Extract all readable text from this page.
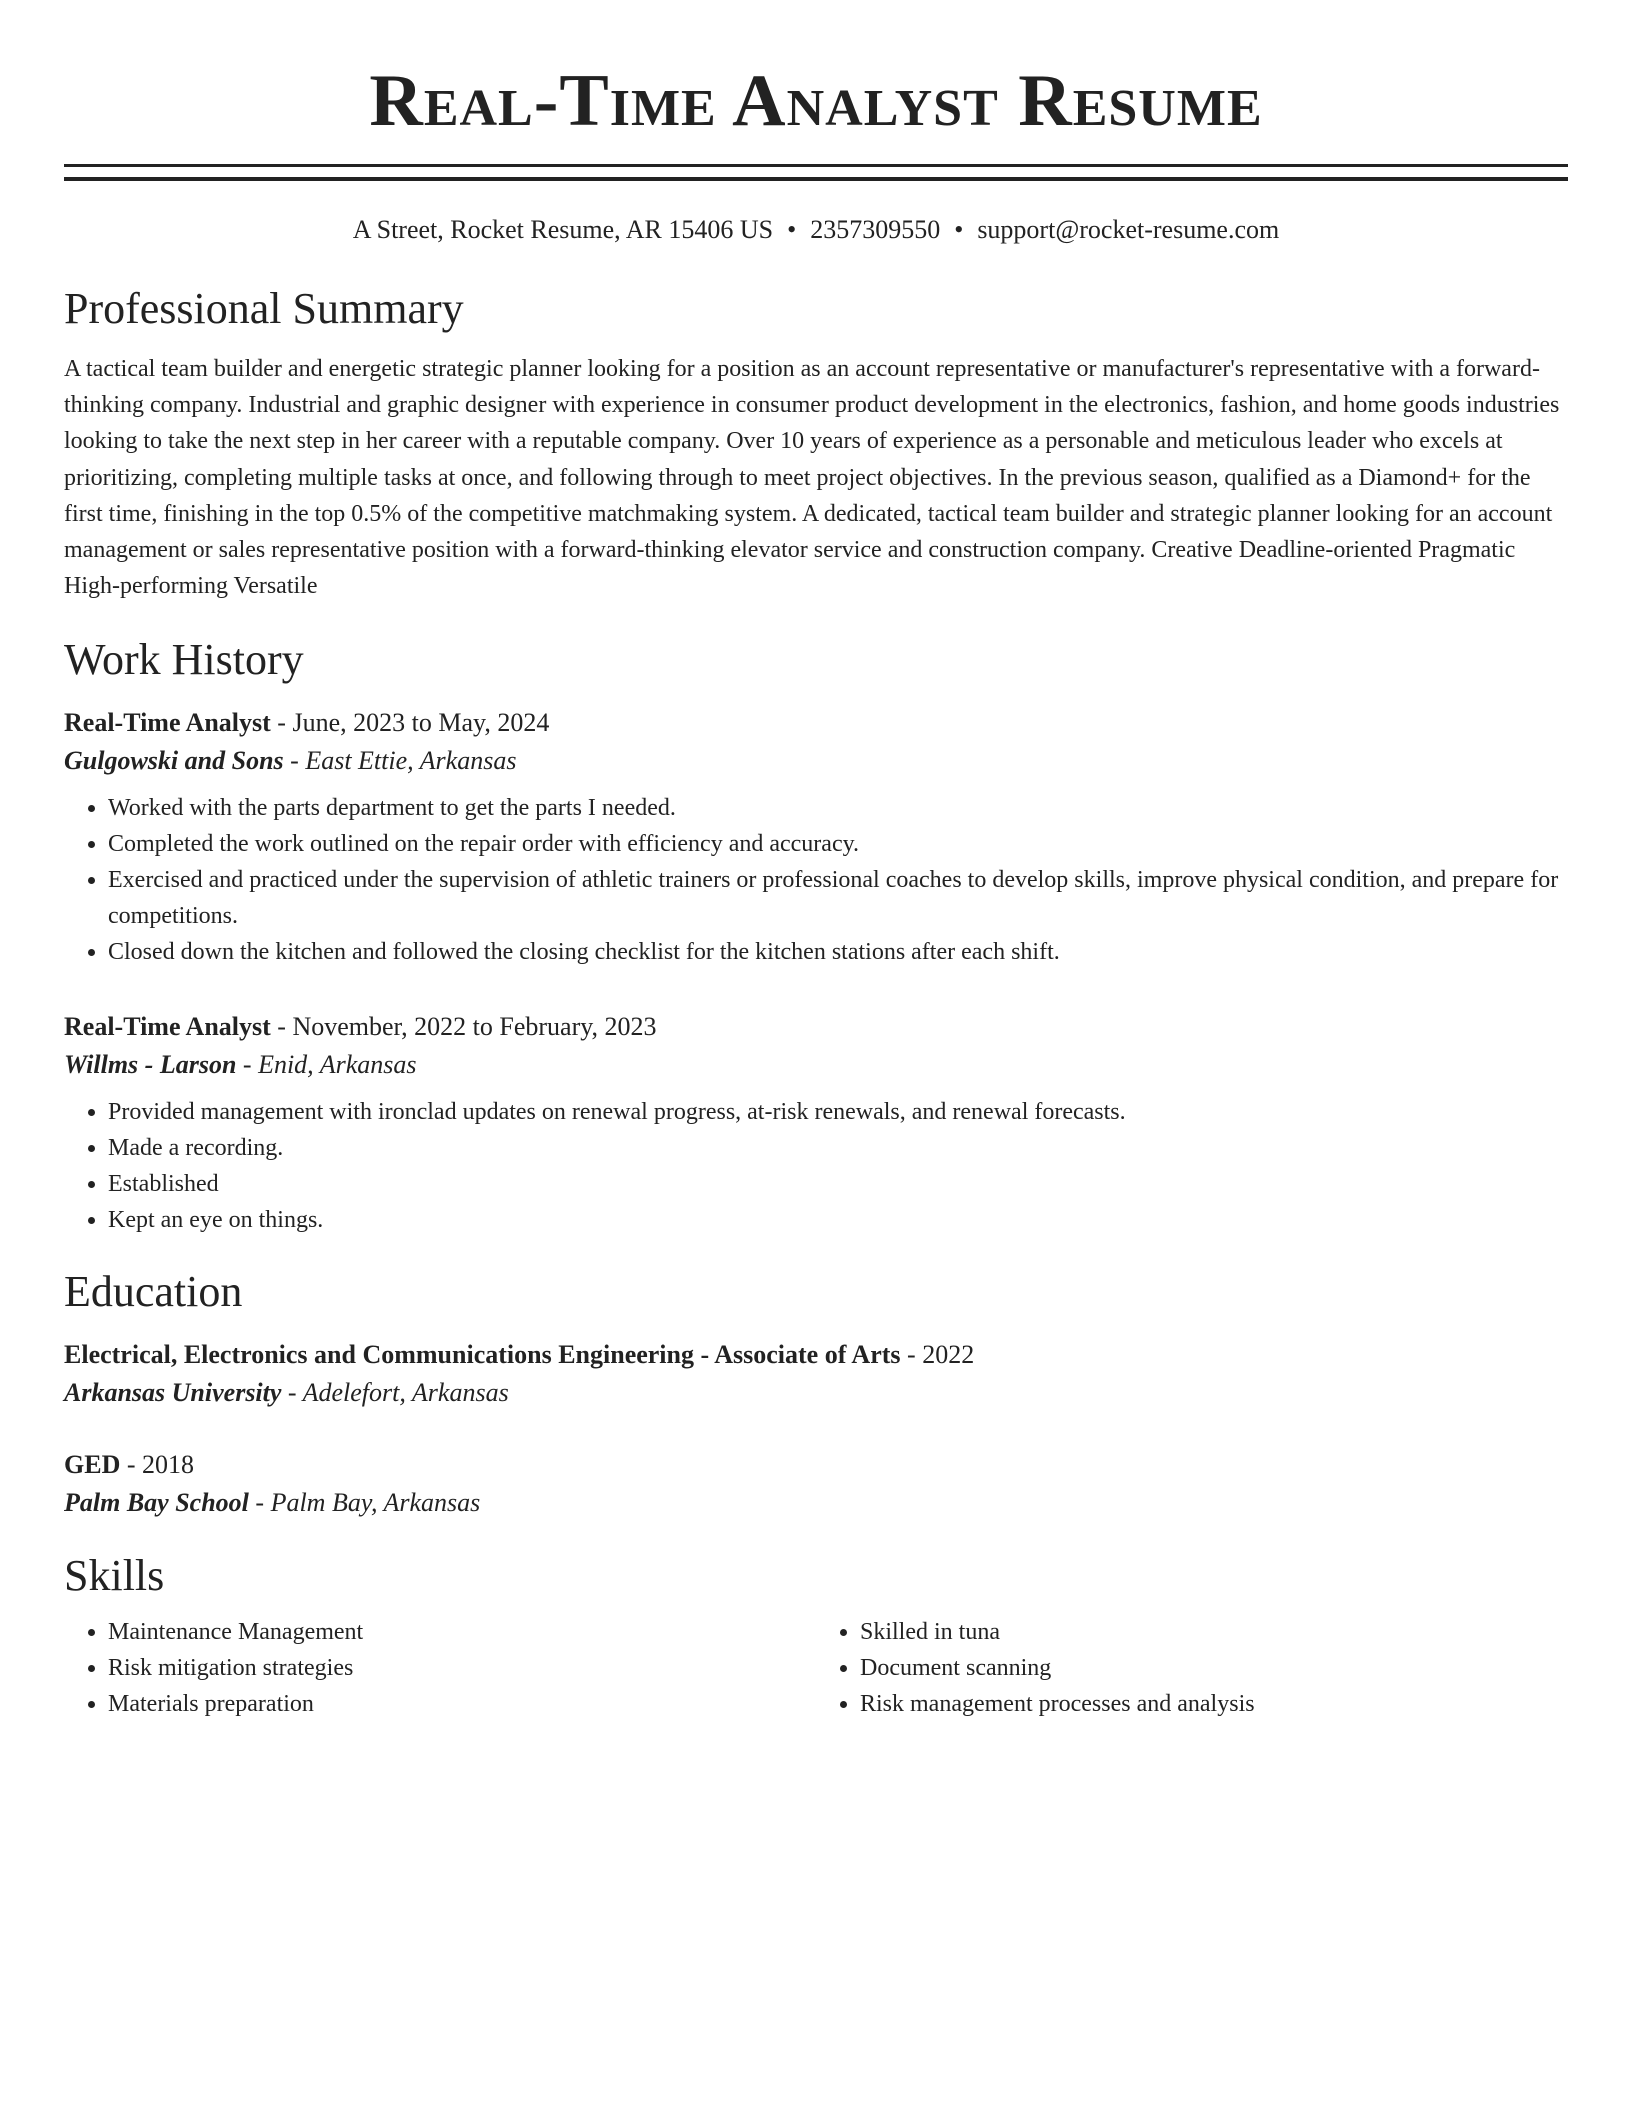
Real-Time Analyst Resume
A Street, Rocket Resume, AR 15406 US • 2357309550 • support@rocket-resume.com
Professional Summary

A tactical team builder and energetic strategic planner looking for a position as an account representative or manufacturer's representative with a forward-thinking company. Industrial and graphic designer with experience in consumer product development in the electronics, fashion, and home goods industries looking to take the next step in her career with a reputable company. Over 10 years of experience as a personable and meticulous leader who excels at prioritizing, completing multiple tasks at once, and following through to meet project objectives. In the previous season, qualified as a Diamond+ for the first time, finishing in the top 0.5% of the competitive matchmaking system. A dedicated, tactical team builder and strategic planner looking for an account management or sales representative position with a forward-thinking elevator service and construction company. Creative Deadline-oriented Pragmatic High-performing Versatile

Work History
Real-Time Analyst - June, 2023 to May, 2024
Gulgowski and Sons - East Ettie, Arkansas
• Worked with the parts department to get the parts I needed.
• Completed the work outlined on the repair order with efficiency and accuracy.
• Exercised and practiced under the supervision of athletic trainers or professional coaches to develop skills, improve physical condition, and prepare for competitions.
• Closed down the kitchen and followed the closing checklist for the kitchen stations after each shift.
Real-Time Analyst - November, 2022 to February, 2023
Willms - Larson - Enid, Arkansas
• Provided management with ironclad updates on renewal progress, at-risk renewals, and renewal forecasts.
• Made a recording.
• Established
• Kept an eye on things.
Education
Electrical, Electronics and Communications Engineering - Associate of Arts - 2022
Arkansas University - Adelefort, Arkansas
GED - 2018
Palm Bay School - Palm Bay, Arkansas
Skills
• Maintenance Management
• Risk mitigation strategies
• Materials preparation
• Skilled in tuna
• Document scanning
• Risk management processes and analysis
